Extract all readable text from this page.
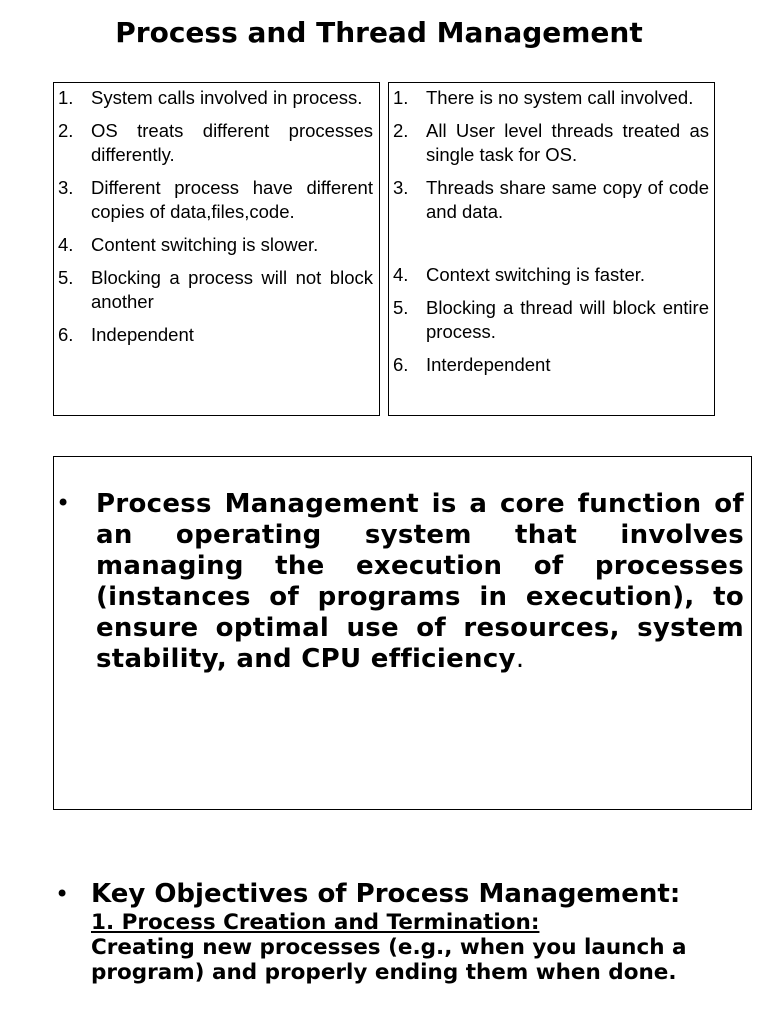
Process and Thread Management
1. System calls involved in process.
2. OS treats different processes differently.
3. Different process have different copies of data,files,code.
4. Content switching is slower.
5. Blocking a process will not block another
6. Independent
1. There is no system call involved.
2. All User level threads treated as single task for OS.
3. Threads share same copy of code and data.
4. Context switching is faster.
5. Blocking a thread will block entire process.
6. Interdependent
• Process Management is a core function of an operating system that involves managing the execution of processes (instances of programs in execution), to ensure optimal use of resources, system stability, and CPU efficiency.
• Key Objectives of Process Management:
1. Process Creation and Termination:
Creating new processes (e.g., when you launch a program) and properly ending them when done.
